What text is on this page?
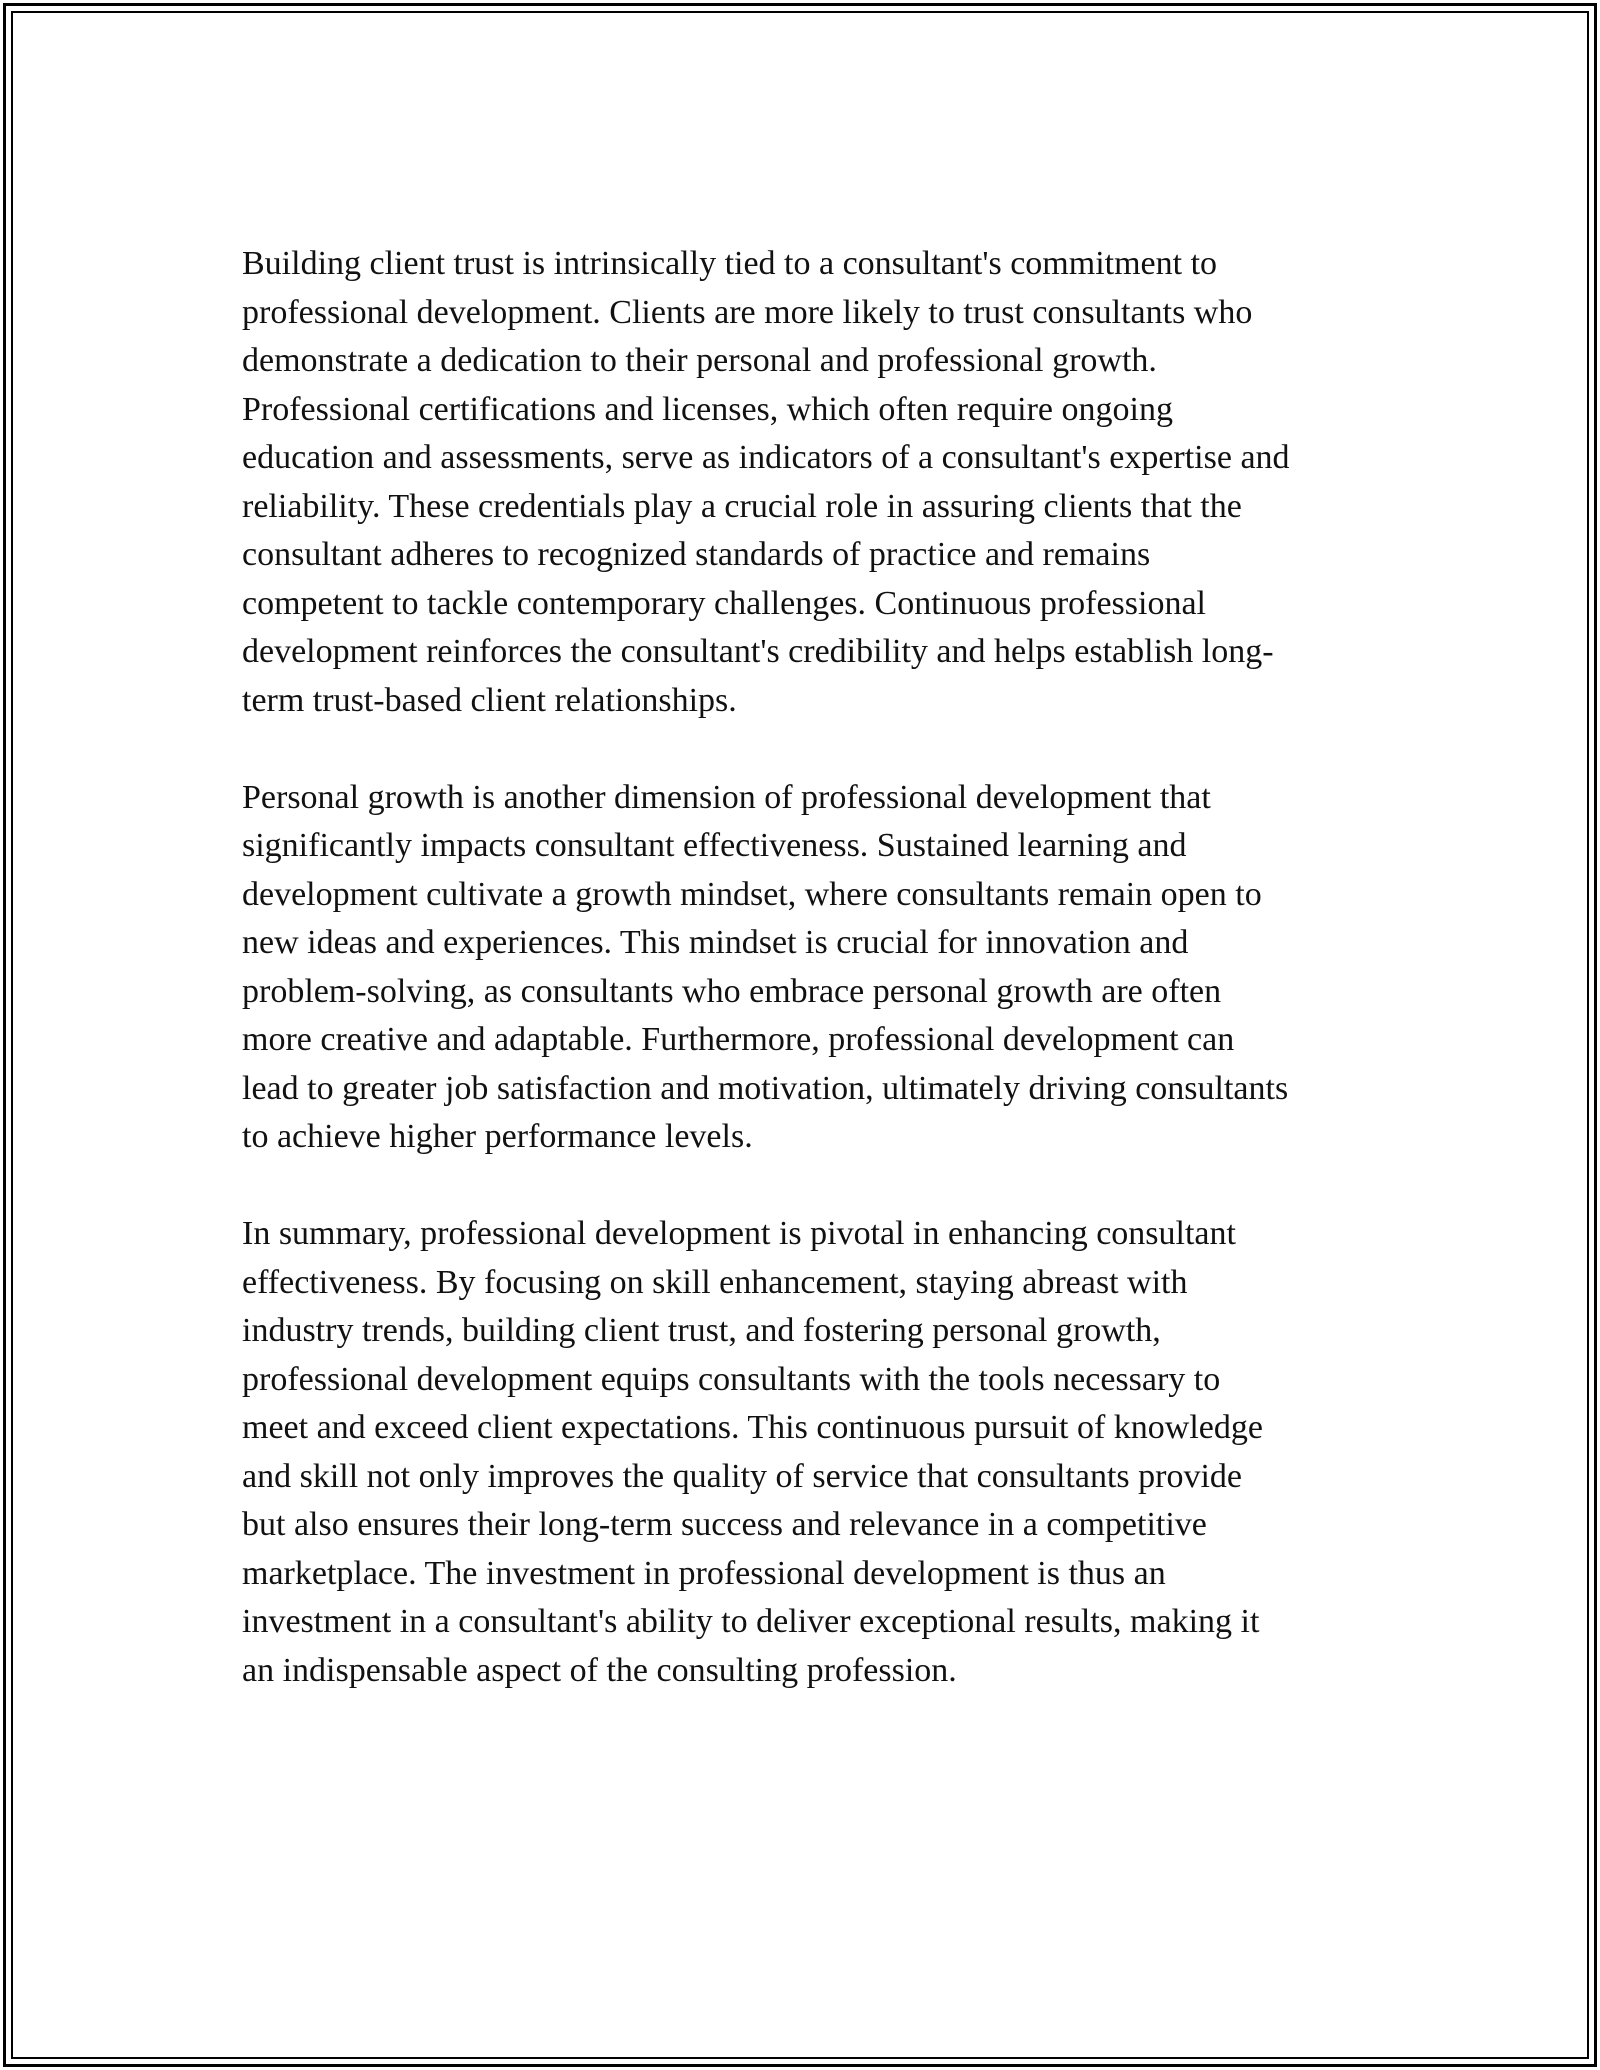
Building client trust is intrinsically tied to a consultant's commitment to
professional development. Clients are more likely to trust consultants who
demonstrate a dedication to their personal and professional growth.
Professional certifications and licenses, which often require ongoing
education and assessments, serve as indicators of a consultant's expertise and
reliability. These credentials play a crucial role in assuring clients that the
consultant adheres to recognized standards of practice and remains
competent to tackle contemporary challenges. Continuous professional
development reinforces the consultant's credibility and helps establish long-
term trust-based client relationships.

Personal growth is another dimension of professional development that
significantly impacts consultant effectiveness. Sustained learning and
development cultivate a growth mindset, where consultants remain open to
new ideas and experiences. This mindset is crucial for innovation and
problem-solving, as consultants who embrace personal growth are often
more creative and adaptable. Furthermore, professional development can
lead to greater job satisfaction and motivation, ultimately driving consultants
to achieve higher performance levels.

In summary, professional development is pivotal in enhancing consultant
effectiveness. By focusing on skill enhancement, staying abreast with
industry trends, building client trust, and fostering personal growth,
professional development equips consultants with the tools necessary to
meet and exceed client expectations. This continuous pursuit of knowledge
and skill not only improves the quality of service that consultants provide
but also ensures their long-term success and relevance in a competitive
marketplace. The investment in professional development is thus an
investment in a consultant's ability to deliver exceptional results, making it
an indispensable aspect of the consulting profession.
